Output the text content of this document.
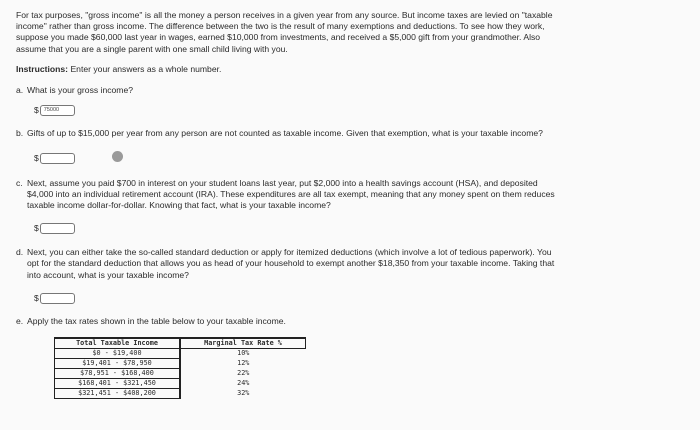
For tax purposes, "gross income" is all the money a person receives in a given year from any source. But income taxes are levied on "taxable income" rather than gross income. The difference between the two is the result of many exemptions and deductions. To see how they work, suppose you made $60,000 last year in wages, earned $10,000 from investments, and received a $5,000 gift from your grandmother. Also assume that you are a single parent with one small child living with you.

Instructions: Enter your answers as a whole number.

a. What is your gross income?
$ 75000
b. Gifts of up to $15,000 per year from any person are not counted as taxable income. Given that exemption, what is your taxable income?
$
c. Next, assume you paid $700 in interest on your student loans last year, put $2,000 into a health savings account (HSA), and deposited $4,000 into an individual retirement account (IRA). These expenditures are all tax exempt, meaning that any money spent on them reduces taxable income dollar-for-dollar. Knowing that fact, what is your taxable income?
$
d. Next, you can either take the so-called standard deduction or apply for itemized deductions (which involve a lot of tedious paperwork). You opt for the standard deduction that allows you as head of your household to exempt another $18,350 from your taxable income. Taking that into account, what is your taxable income?
$
e. Apply the tax rates shown in the table below to your taxable income.
Total Taxable Income	Marginal Tax Rate %
$0 - $19,400	10%
$19,401 - $78,950	12%
$78,951 - $168,400	22%
$168,401 - $321,450	24%
$321,451 - $408,200	32%
